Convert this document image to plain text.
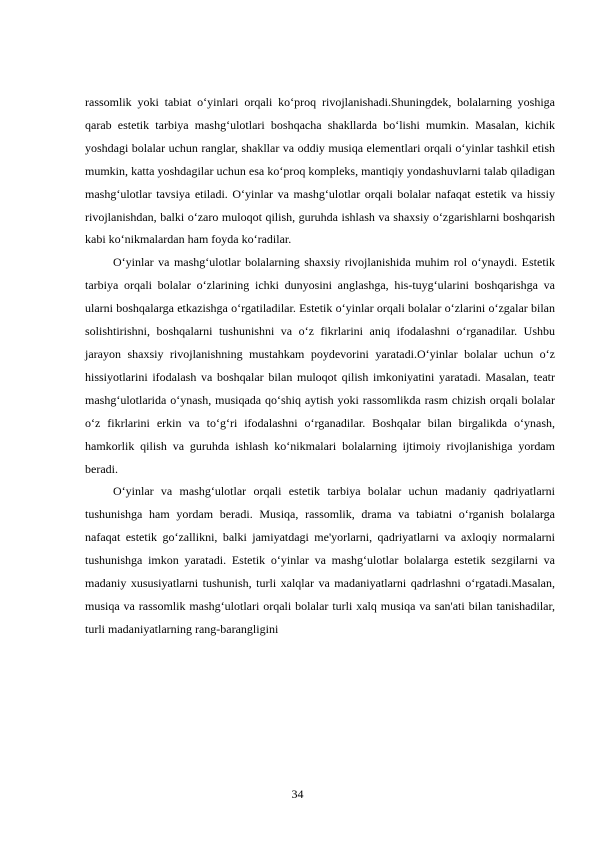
rassomlik yoki tabiat o‘yinlari orqali ko‘proq rivojlanishadi.Shuningdek, bolalarning yoshiga qarab estetik tarbiya mashg‘ulotlari boshqacha shakllarda bo‘lishi mumkin. Masalan, kichik yoshdagi bolalar uchun ranglar, shakllar va oddiy musiqa elementlari orqali o‘yinlar tashkil etish mumkin, katta yoshdagilar uchun esa ko‘proq kompleks, mantiqiy yondashuvlarni talab qiladigan mashg‘ulotlar tavsiya etiladi. O‘yinlar va mashg‘ulotlar orqali bolalar nafaqat estetik va hissiy rivojlanishdan, balki o‘zaro muloqot qilish, guruhda ishlash va shaxsiy o‘zgarishlarni boshqarish kabi ko‘nikmalardan ham foyda ko‘radilar.

O‘yinlar va mashg‘ulotlar bolalarning shaxsiy rivojlanishida muhim rol o‘ynaydi. Estetik tarbiya orqali bolalar o‘zlarining ichki dunyosini anglashga, his-tuyg‘ularini boshqarishga va ularni boshqalarga etkazishga o‘rgatiladilar. Estetik o‘yinlar orqali bolalar o‘zlarini o‘zgalar bilan solishtirishni, boshqalarni tushunishni va o‘z fikrlarini aniq ifodalashni o‘rganadilar. Ushbu jarayon shaxsiy rivojlanishning mustahkam poydevorini yaratadi.O‘yinlar bolalar uchun o‘z hissiyotlarini ifodalash va boshqalar bilan muloqot qilish imkoniyatini yaratadi. Masalan, teatr mashg‘ulotlarida o‘ynash, musiqada qo‘shiq aytish yoki rassomlikda rasm chizish orqali bolalar o‘z fikrlarini erkin va to‘g‘ri ifodalashni o‘rganadilar. Boshqalar bilan birgalikda o‘ynash, hamkorlik qilish va guruhda ishlash ko‘nikmalari bolalarning ijtimoiy rivojlanishiga yordam beradi.

O‘yinlar va mashg‘ulotlar orqali estetik tarbiya bolalar uchun madaniy qadriyatlarni tushunishga ham yordam beradi. Musiqa, rassomlik, drama va tabiatni o‘rganish bolalarga nafaqat estetik go‘zallikni, balki jamiyatdagi me'yorlarni, qadriyatlarni va axloqiy normalarni tushunishga imkon yaratadi. Estetik o‘yinlar va mashg‘ulotlar bolalarga estetik sezgilarni va madaniy xususiyatlarni tushunish, turli xalqlar va madaniyatlarni qadrlashni o‘rgatadi.Masalan, musiqa va rassomlik mashg‘ulotlari orqali bolalar turli xalq musiqa va san'ati bilan tanishadilar, turli madaniyatlarning rang-barangligini

34
